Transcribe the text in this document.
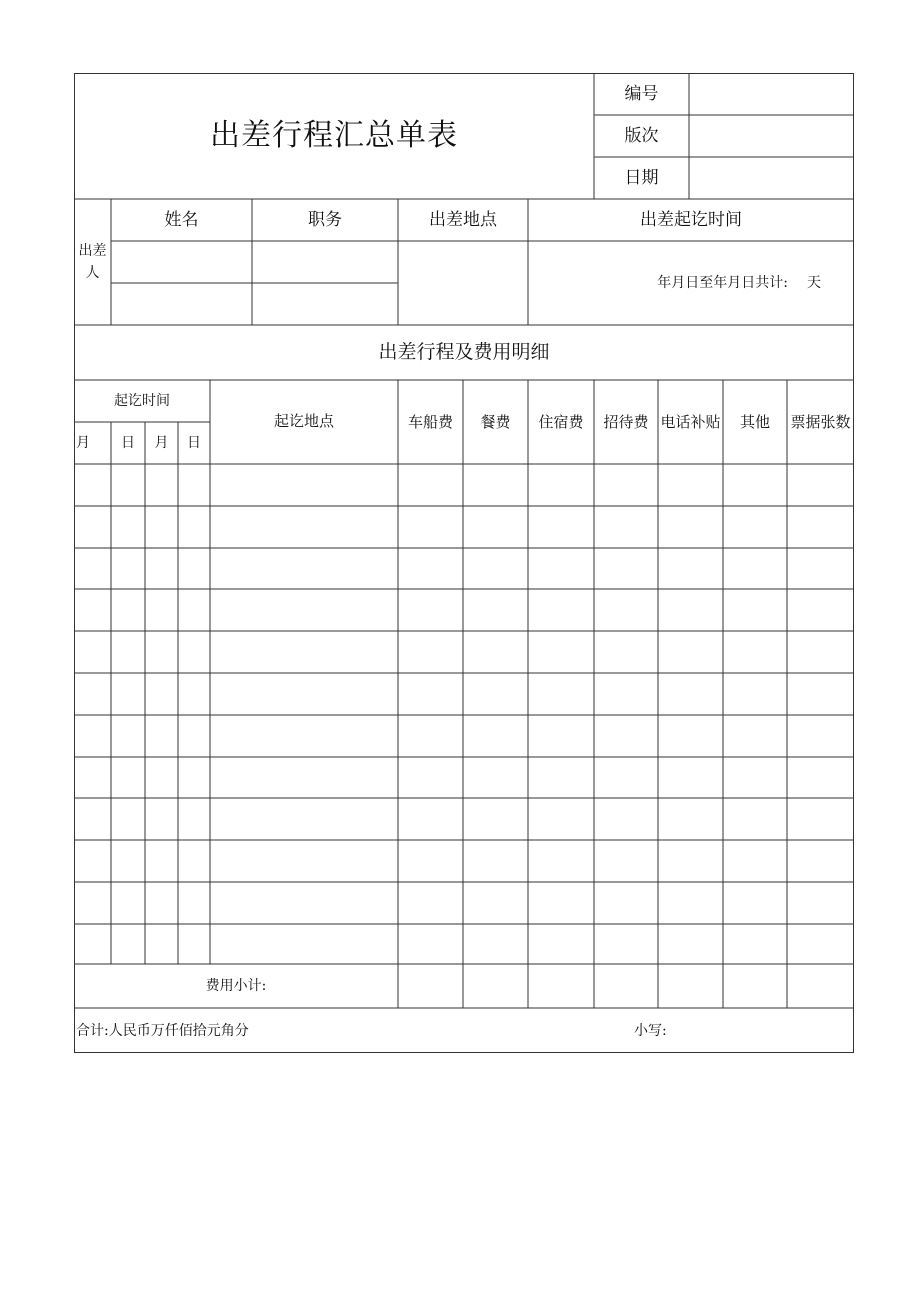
出差行程汇总单表
编号
版次
日期
出差
人
姓名	职务	出差地点	出差起讫时间
年月日至年月日共计:	天
出差行程及费用明细
起讫时间
月	日	月	日
起讫地点	车船费	餐费	住宿费	招待费 电话补贴	其他	票据张数
费用小计:
合计:人民币万仟佰拾元角分	小写:
